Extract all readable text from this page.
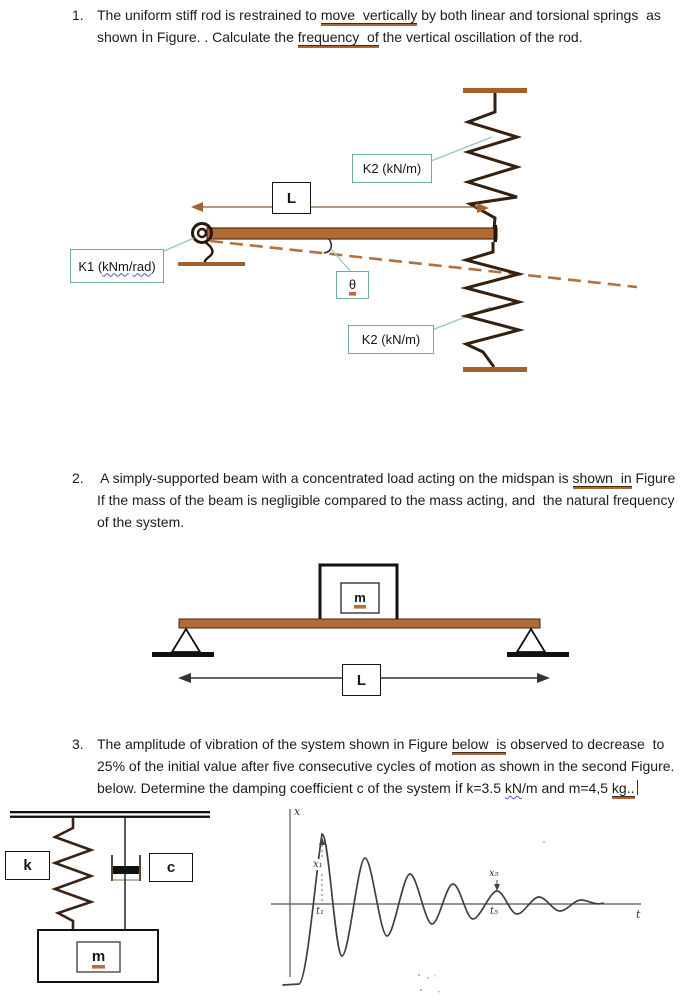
1. The uniform stiff rod is restrained to move  vertically by both linear and torsional springs  as
shown İn Figure. . Calculate the frequency  of the vertical oscillation of the rod.
2. A simply-supported beam with a concentrated load acting on the midspan is shown  in Figure
If the mass of the beam is negligible compared to the mass acting, and  the natural frequency
of the system.
3. The amplitude of vibration of the system shown in Figure below  is observed to decrease  to
25% of the initial value after five consecutive cycles of motion as shown in the second Figure.
below. Determine the damping coefficient c of the system İf k=3.5 kN/m and m=4,5 kg..
K2 (kN/m)
L
K1 (kNm/rad)
θ
K2 (kN/m)
m
L
k	c
m
x
t
x₁
t₁
x₅
t₅
